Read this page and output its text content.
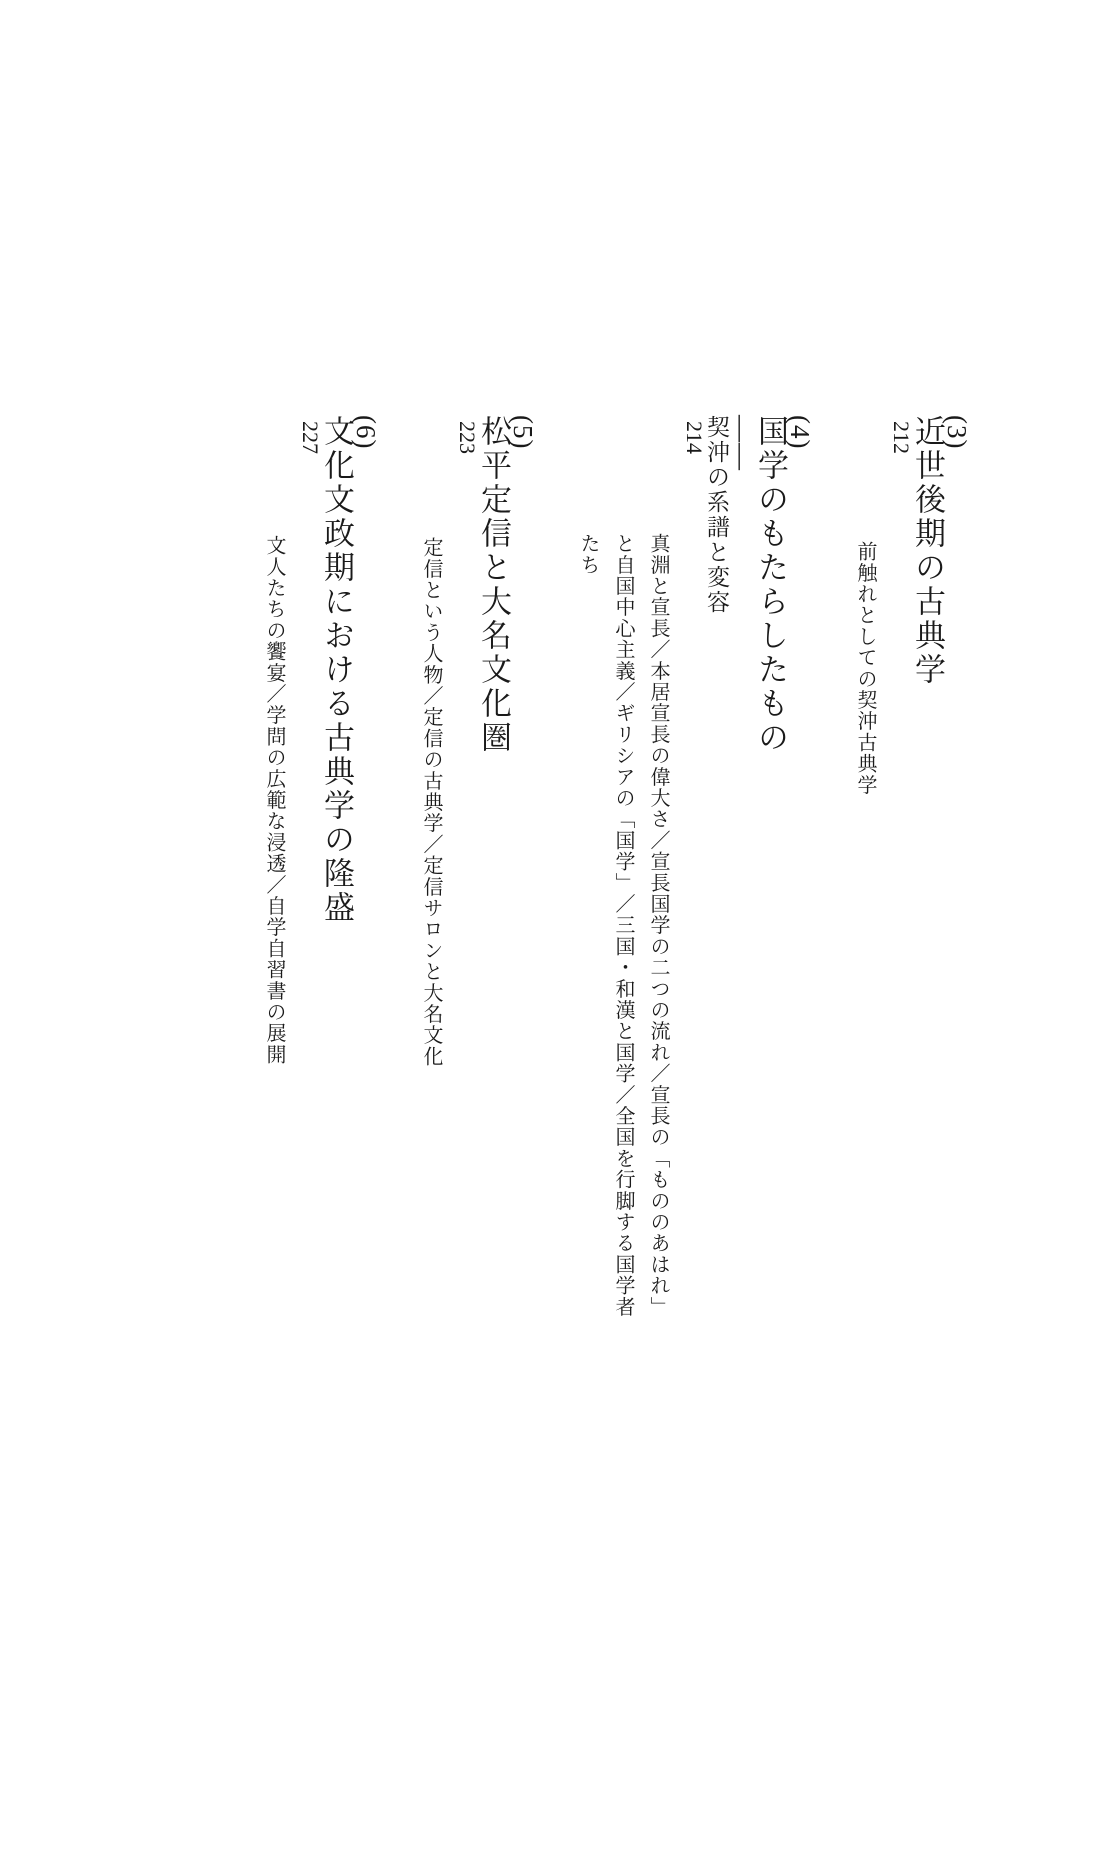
(3)
近世後期の古典学
212
前触れとしての契沖古典学
(4)
国学のもたらしたもの
——
契沖の系譜と変容
214
真淵と宣長／本居宣長の偉大さ／宣長国学の二つの流れ／宣長の「もののあはれ」と自国中心主義／ギリシアの「国学」／三国・和漢と国学／全国を行脚する国学者たち
(5)
松平定信と大名文化圏
223
定信という人物／定信の古典学／定信サロンと大名文化
(6)
文化文政期における古典学の隆盛
227
文人たちの饗宴／学問の広範な浸透／自学自習書の展開
